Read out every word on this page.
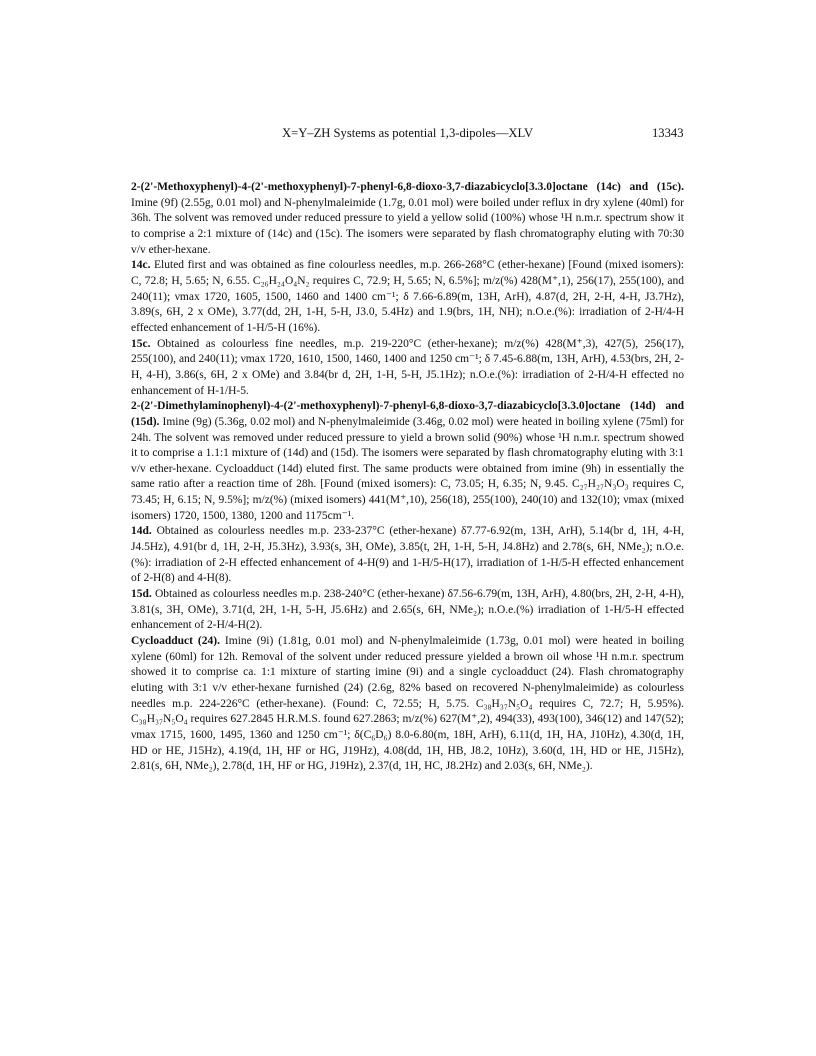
X=Y–ZH Systems as potential 1,3-dipoles—XLV	13343

2-(2'-Methoxyphenyl)-4-(2'-methoxyphenyl)-7-phenyl-6,8-dioxo-3,7-diazabicyclo[3.3.0]octane (14c) and (15c). Imine (9f) (2.55g, 0.01 mol) and N-phenylmaleimide (1.7g, 0.01 mol) were boiled under reflux in dry xylene (40ml) for 36h. The solvent was removed under reduced pressure to yield a yellow solid (100%) whose ¹H n.m.r. spectrum show it to comprise a 2:1 mixture of (14c) and (15c). The isomers were separated by flash chromatography eluting with 70:30 v/v ether-hexane.

14c. Eluted first and was obtained as fine colourless needles, m.p. 266-268°C (ether-hexane) [Found (mixed isomers): C, 72.8; H, 5.65; N, 6.55. C₂₆H₂₄O₄N₂ requires C, 72.9; H, 5.65; N, 6.5%]; m/z(%) 428(M⁺,1), 256(17), 255(100), and 240(11); νmax 1720, 1605, 1500, 1460 and 1400 cm⁻¹; δ 7.66-6.89(m, 13H, ArH), 4.87(d, 2H, 2-H, 4-H, J3.7Hz), 3.89(s, 6H, 2 x OMe), 3.77(dd, 2H, 1-H, 5-H, J3.0, 5.4Hz) and 1.9(brs, 1H, NH); n.O.e.(%): irradiation of 2-H/4-H effected enhancement of 1-H/5-H (16%).

15c. Obtained as colourless fine needles, m.p. 219-220°C (ether-hexane); m/z(%) 428(M⁺,3), 427(5), 256(17), 255(100), and 240(11); νmax 1720, 1610, 1500, 1460, 1400 and 1250 cm⁻¹; δ 7.45-6.88(m, 13H, ArH), 4.53(brs, 2H, 2-H, 4-H), 3.86(s, 6H, 2 x OMe) and 3.84(br d, 2H, 1-H, 5-H, J5.1Hz); n.O.e.(%): irradiation of 2-H/4-H effected no enhancement of H-1/H-5.

2-(2'-Dimethylaminophenyl)-4-(2'-methoxyphenyl)-7-phenyl-6,8-dioxo-3,7-diazabicyclo[3.3.0]octane (14d) and (15d). Imine (9g) (5.36g, 0.02 mol) and N-phenylmaleimide (3.46g, 0.02 mol) were heated in boiling xylene (75ml) for 24h. The solvent was removed under reduced pressure to yield a brown solid (90%) whose ¹H n.m.r. spectrum showed it to comprise a 1.1:1 mixture of (14d) and (15d). The isomers were separated by flash chromatography eluting with 3:1 v/v ether-hexane. Cycloadduct (14d) eluted first. The same products were obtained from imine (9h) in essentially the same ratio after a reaction time of 28h. [Found (mixed isomers): C, 73.05; H, 6.35; N, 9.45. C₂₇H₂₇N₃O₃ requires C, 73.45; H, 6.15; N, 9.5%]; m/z(%) (mixed isomers) 441(M⁺,10), 256(18), 255(100), 240(10) and 132(10); νmax (mixed isomers) 1720, 1500, 1380, 1200 and 1175cm⁻¹.

14d. Obtained as colourless needles m.p. 233-237°C (ether-hexane) δ7.77-6.92(m, 13H, ArH), 5.14(br d, 1H, 4-H, J4.5Hz), 4.91(br d, 1H, 2-H, J5.3Hz), 3.93(s, 3H, OMe), 3.85(t, 2H, 1-H, 5-H, J4.8Hz) and 2.78(s, 6H, NMe₂); n.O.e.(%): irradiation of 2-H effected enhancement of 4-H(9) and 1-H/5-H(17), irradiation of 1-H/5-H effected enhancement of 2-H(8) and 4-H(8).

15d. Obtained as colourless needles m.p. 238-240°C (ether-hexane) δ7.56-6.79(m, 13H, ArH), 4.80(brs, 2H, 2-H, 4-H), 3.81(s, 3H, OMe), 3.71(d, 2H, 1-H, 5-H, J5.6Hz) and 2.65(s, 6H, NMe₂); n.O.e.(%) irradiation of 1-H/5-H effected enhancement of 2-H/4-H(2).

Cycloadduct (24). Imine (9i) (1.81g, 0.01 mol) and N-phenylmaleimide (1.73g, 0.01 mol) were heated in boiling xylene (60ml) for 12h. Removal of the solvent under reduced pressure yielded a brown oil whose ¹H n.m.r. spectrum showed it to comprise ca. 1:1 mixture of starting imine (9i) and a single cycloadduct (24). Flash chromatography eluting with 3:1 v/v ether-hexane furnished (24) (2.6g, 82% based on recovered N-phenylmaleimide) as colourless needles m.p. 224-226°C (ether-hexane). (Found: C, 72.55; H, 5.75. C₃₈H₃₇N₅O₄ requires C, 72.7; H, 5.95%). C₃₈H₃₇N₅O₄ requires 627.2845 H.R.M.S. found 627.2863; m/z(%) 627(M⁺,2), 494(33), 493(100), 346(12) and 147(52); νmax 1715, 1600, 1495, 1360 and 1250 cm⁻¹; δ(C₆D₆) 8.0-6.80(m, 18H, ArH), 6.11(d, 1H, HA, J10Hz), 4.30(d, 1H, HD or HE, J15Hz), 4.19(d, 1H, HF or HG, J19Hz), 4.08(dd, 1H, HB, J8.2, 10Hz), 3.60(d, 1H, HD or HE, J15Hz), 2.81(s, 6H, NMe₂), 2.78(d, 1H, HF or HG, J19Hz), 2.37(d, 1H, HC, J8.2Hz) and 2.03(s, 6H, NMe₂).
